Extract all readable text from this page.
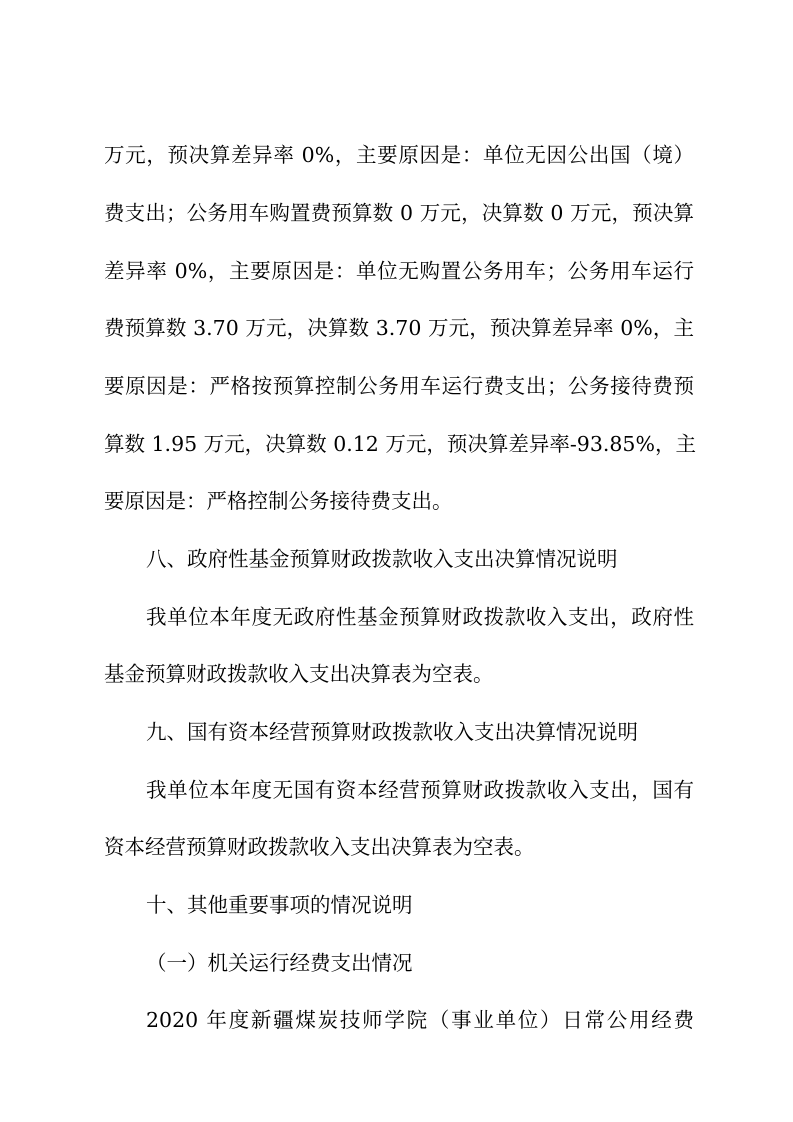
万元，预决算差异率 0%，主要原因是：单位无因公出国（境）
费支出；公务用车购置费预算数 0 万元，决算数 0 万元，预决算
差异率 0%，主要原因是：单位无购置公务用车；公务用车运行
费预算数 3.70 万元，决算数 3.70 万元，预决算差异率 0%，主
要原因是：严格按预算控制公务用车运行费支出；公务接待费预
算数 1.95 万元，决算数 0.12 万元，预决算差异率-93.85%，主
要原因是：严格控制公务接待费支出。
八、政府性基金预算财政拨款收入支出决算情况说明
我单位本年度无政府性基金预算财政拨款收入支出，政府性
基金预算财政拨款收入支出决算表为空表。
九、国有资本经营预算财政拨款收入支出决算情况说明
我单位本年度无国有资本经营预算财政拨款收入支出，国有
资本经营预算财政拨款收入支出决算表为空表。
十、其他重要事项的情况说明
（一）机关运行经费支出情况
2020 年度新疆煤炭技师学院（事业单位）日常公用经费
